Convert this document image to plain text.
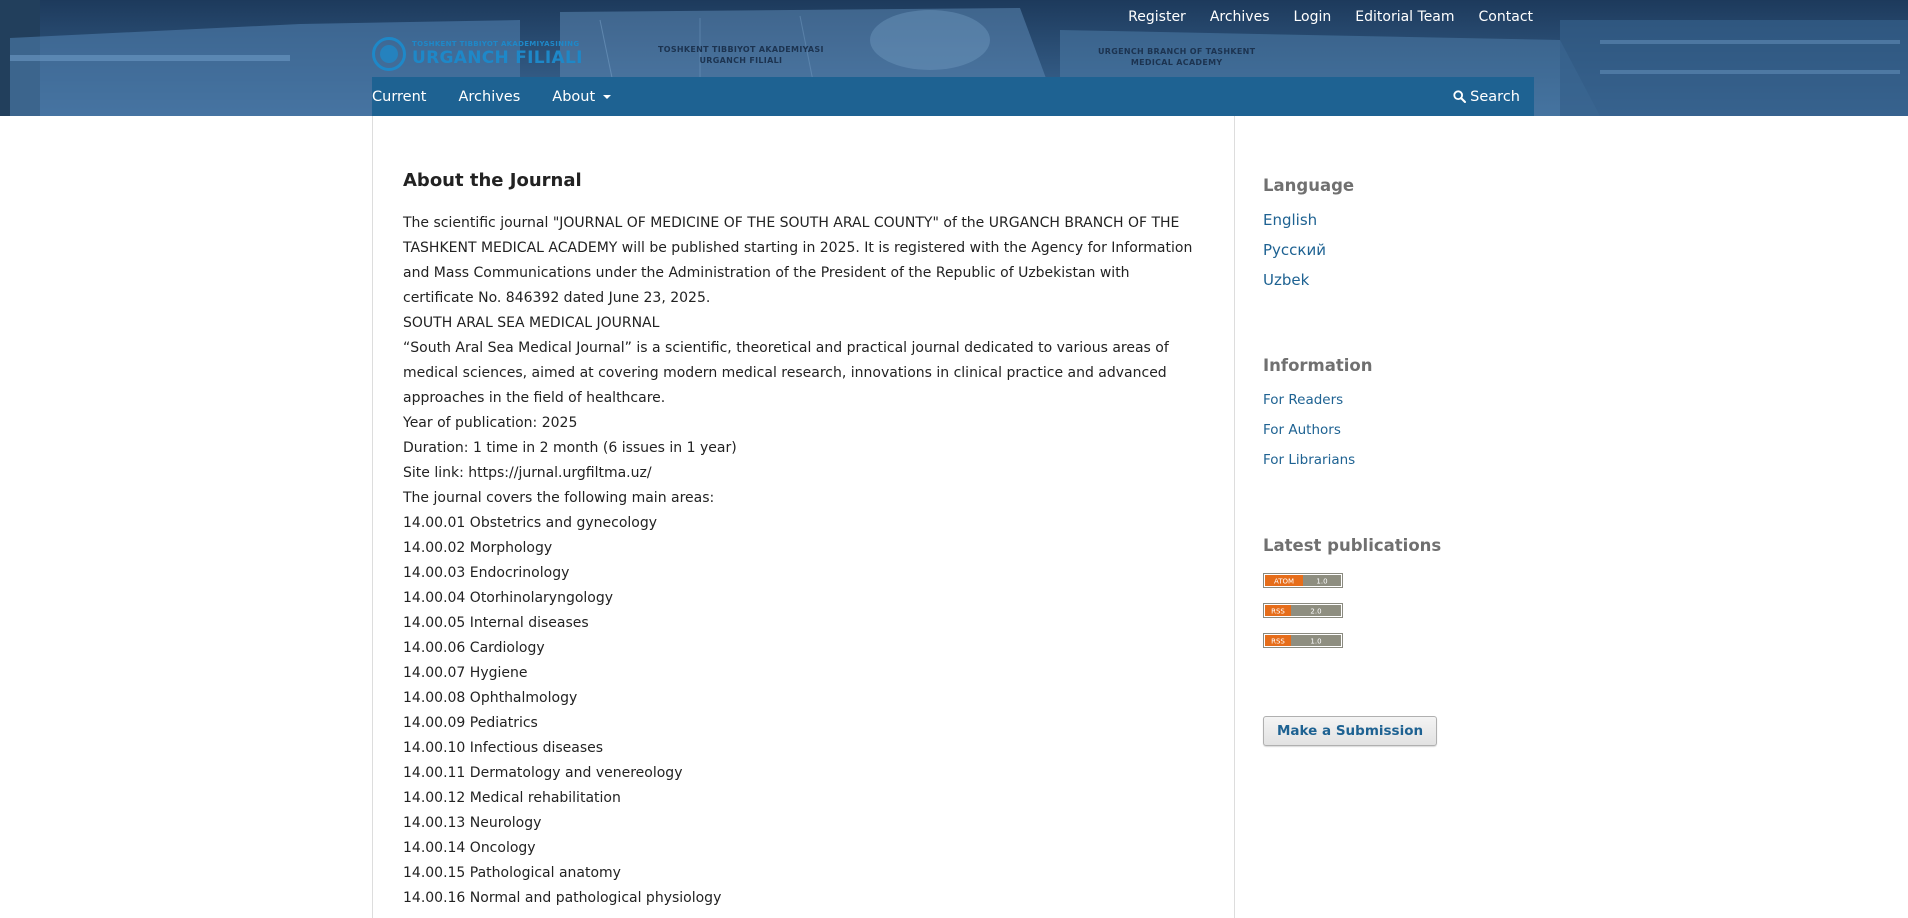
TOSHKENT TIBBIYOT AKADEMIYASINING
URGANCH FILIALI	TOSHKENT TIBBIYOT AKADEMIYASI
URGANCH FILIALI
URGENCH BRANCH OF TASHKENT
MEDICAL ACADEMY
Register Archives Login Editorial Team Contact
Current Archives About	Search
About the Journal

The scientific journal "JOURNAL OF MEDICINE OF THE SOUTH ARAL COUNTY" of the URGANCH BRANCH OF THE TASHKENT MEDICAL ACADEMY will be published starting in 2025. It is registered with the Agency for Information and Mass Communications under the Administration of the President of the Republic of Uzbekistan with certificate No. 846392 dated June 23, 2025.

SOUTH ARAL SEA MEDICAL JOURNAL

“South Aral Sea Medical Journal” is a scientific, theoretical and practical journal dedicated to various areas of medical sciences, aimed at covering modern medical research, innovations in clinical practice and advanced approaches in the field of healthcare.

Year of publication: 2025

Duration: 1 time in 2 month (6 issues in 1 year)

Site link: https://jurnal.urgfiltma.uz/

The journal covers the following main areas:

14.00.01 Obstetrics and gynecology

14.00.02 Morphology

14.00.03 Endocrinology

14.00.04 Otorhinolaryngology

14.00.05 Internal diseases

14.00.06 Cardiology

14.00.07 Hygiene

14.00.08 Ophthalmology

14.00.09 Pediatrics

14.00.10 Infectious diseases

14.00.11 Dermatology and venereology

14.00.12 Medical rehabilitation

14.00.13 Neurology

14.00.14 Oncology

14.00.15 Pathological anatomy

14.00.16 Normal and pathological physiology

Language
English
Русский
Uzbek
Information
For Readers
For Authors
For Librarians
Latest publications
ATOM	1.0
RSS	2.0
RSS	1.0
Make a Submission
